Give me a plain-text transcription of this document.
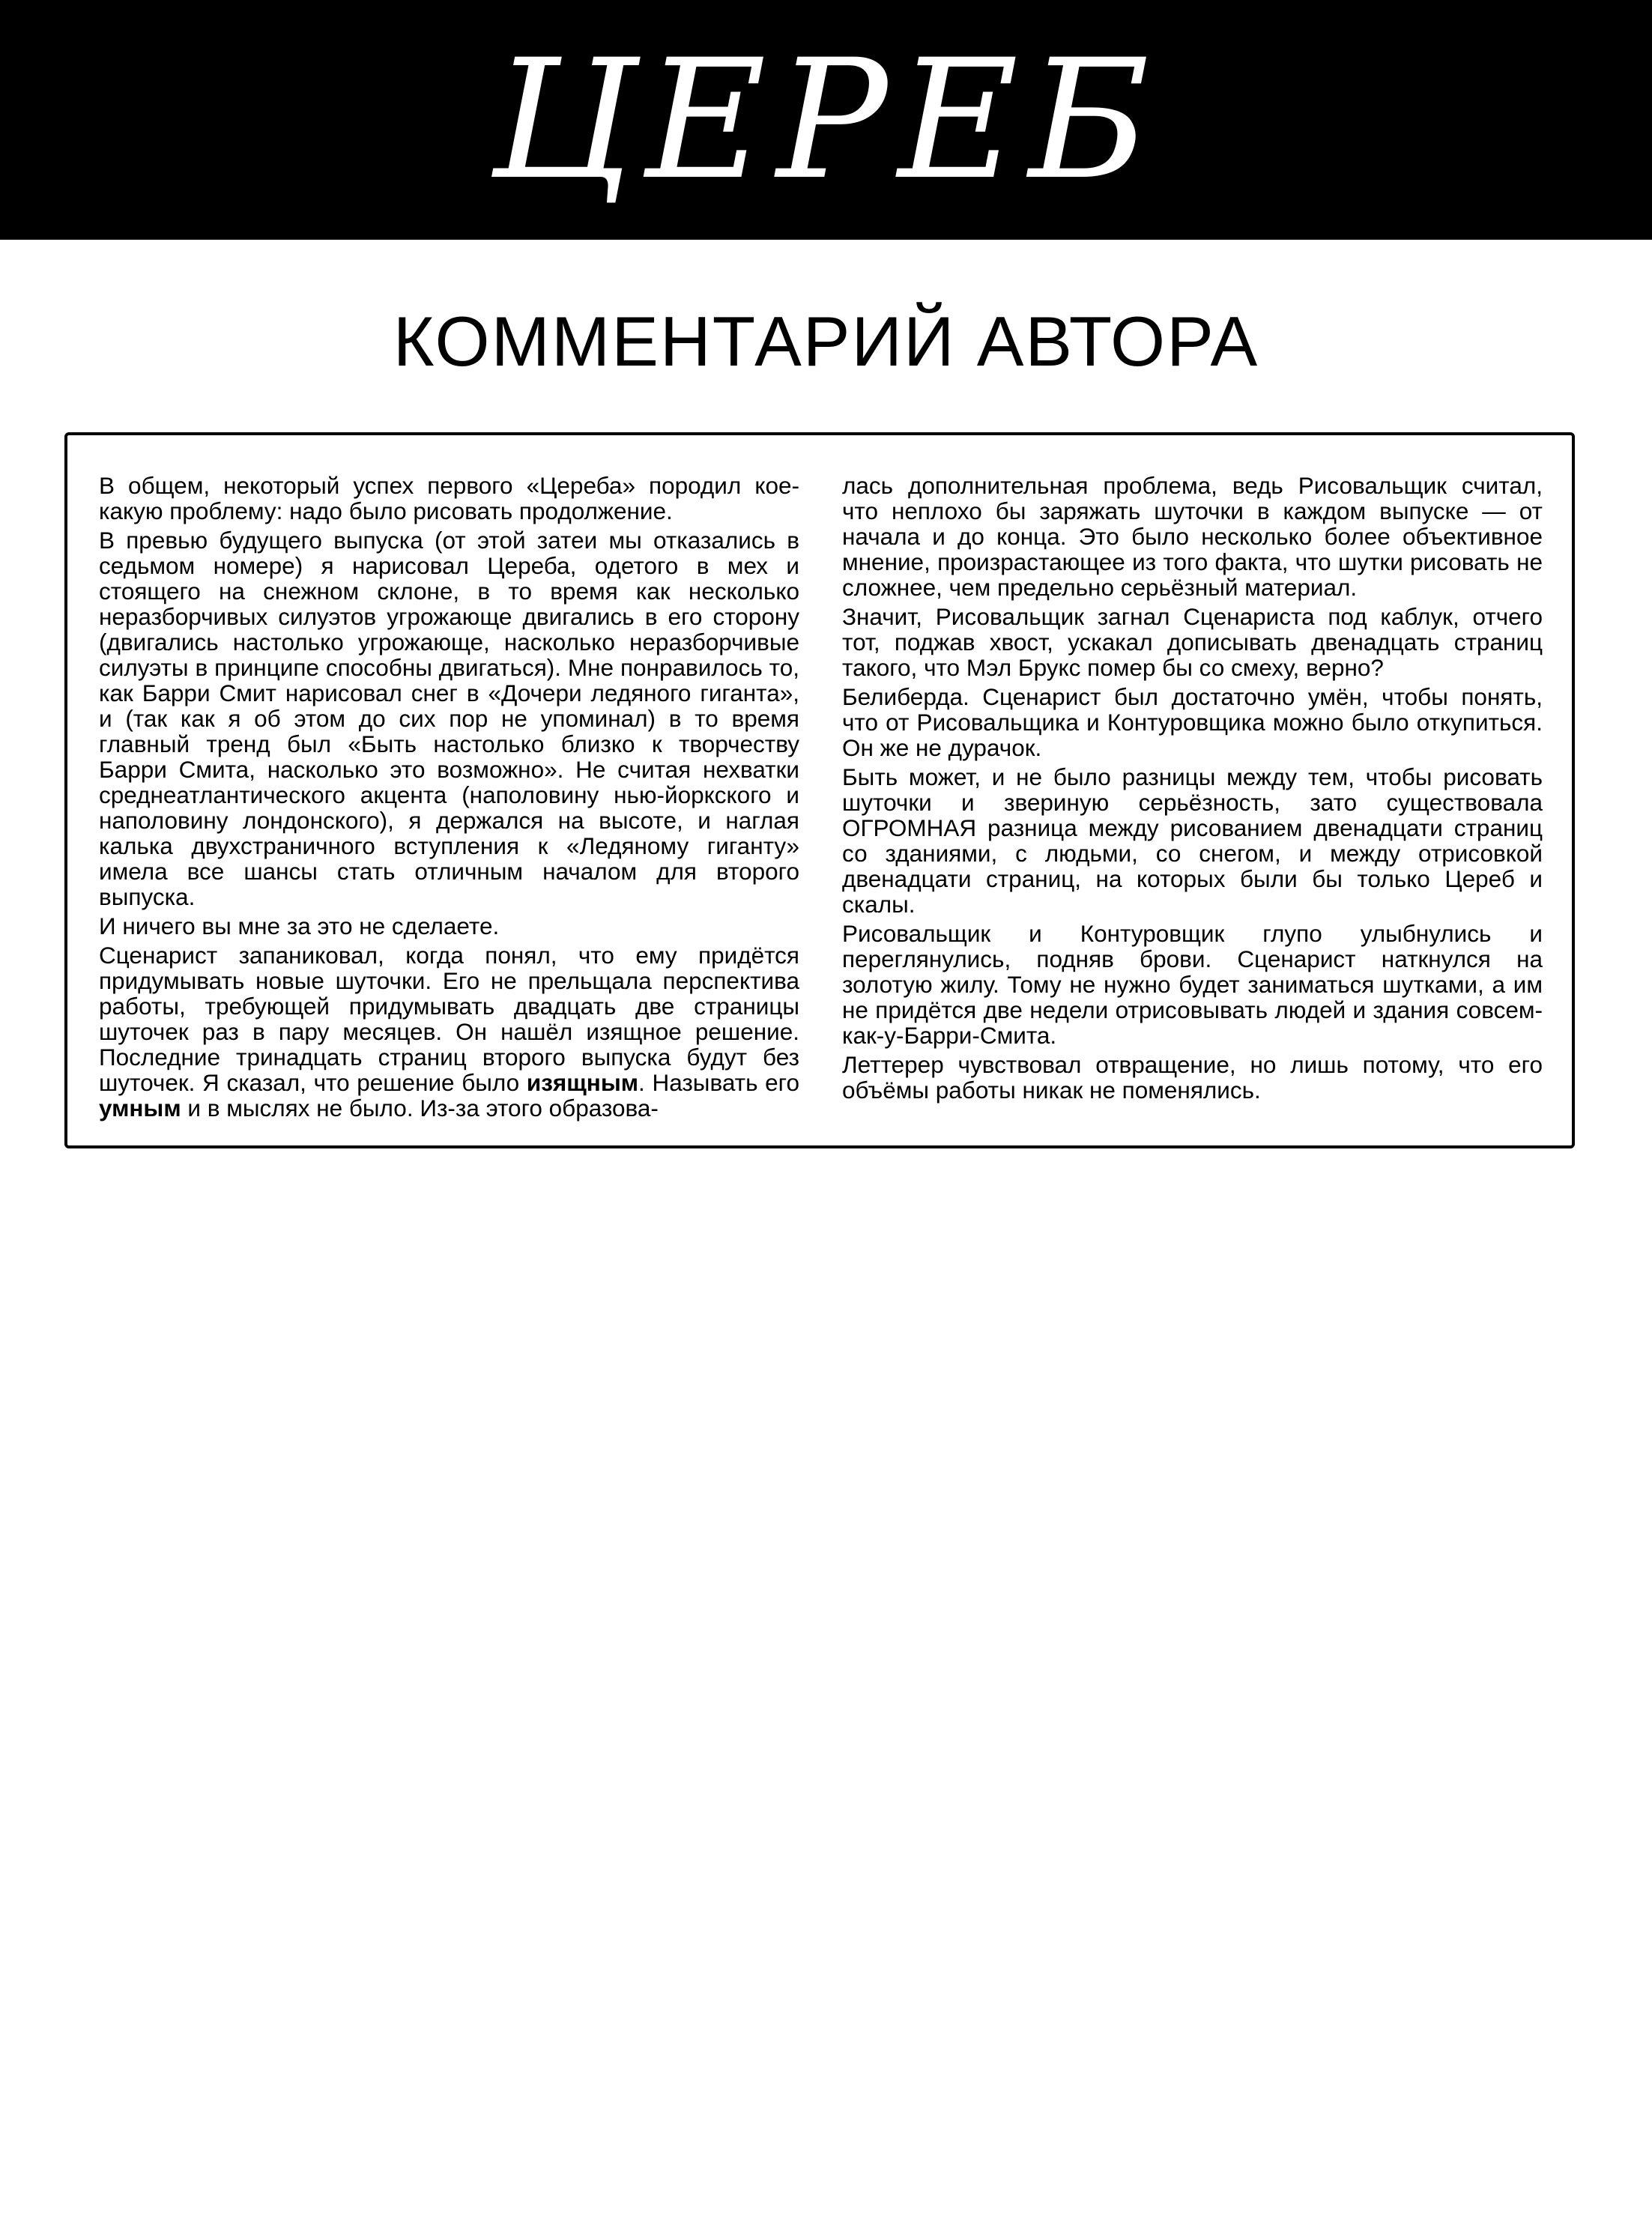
ЦЕРЕБ
КОММЕНТАРИЙ АВТОРА

В общем, некоторый успех первого «Цереба» породил кое-какую проблему: надо было рисовать продолжение.

В превью будущего выпуска (от этой затеи мы отказались в седьмом номере) я нарисовал Цереба, одетого в мех и стоящего на снежном склоне, в то время как несколько неразборчивых силуэтов угрожающе двигались в его сторону (двигались настолько угрожающе, насколько неразборчивые силуэты в принципе способны двигаться). Мне понравилось то, как Барри Смит нарисовал снег в «Дочери ледяного гиганта», и (так как я об этом до сих пор не упоминал) в то время главный тренд был «Быть настолько близко к творчеству Барри Смита, насколько это возможно». Не считая нехватки среднеатлантического акцента (наполовину нью-йоркского и наполовину лондонского), я держался на высоте, и наглая калька двухстраничного вступления к «Ледяному гиганту» имела все шансы стать отличным началом для второго выпуска.

И ничего вы мне за это не сделаете.

Сценарист запаниковал, когда понял, что ему придётся придумывать новые шуточки. Его не прельщала перспектива работы, требующей придумывать двадцать две страницы шуточек раз в пару месяцев. Он нашёл изящное решение. Последние тринадцать страниц второго выпуска будут без шуточек. Я сказал, что решение было изящным. Называть его умным и в мыслях не было. Из-за этого образова-

лась дополнительная проблема, ведь Рисовальщик считал, что неплохо бы заряжать шуточки в каждом выпуске — от начала и до конца. Это было несколько более объективное мнение, произрастающее из того факта, что шутки рисовать не сложнее, чем предельно серьёзный материал.

Значит, Рисовальщик загнал Сценариста под каблук, отчего тот, поджав хвост, ускакал дописывать двенадцать страниц такого, что Мэл Брукс помер бы со смеху, верно?

Белиберда. Сценарист был достаточно умён, чтобы понять, что от Рисовальщика и Контуровщика можно было откупиться. Он же не дурачок.

Быть может, и не было разницы между тем, чтобы рисовать шуточки и звериную серьёзность, зато существовала ОГРОМНАЯ разница между рисованием двенадцати страниц со зданиями, с людьми, со снегом, и между отрисовкой двенадцати страниц, на которых были бы только Цереб и скалы.

Рисовальщик и Контуровщик глупо улыбнулись и переглянулись, подняв брови. Сценарист наткнулся на золотую жилу. Тому не нужно будет заниматься шутками, а им не придётся две недели отрисовывать людей и здания совсем-как-у-Барри-Смита.

Леттерер чувствовал отвращение, но лишь потому, что его объёмы работы никак не поменялись.
